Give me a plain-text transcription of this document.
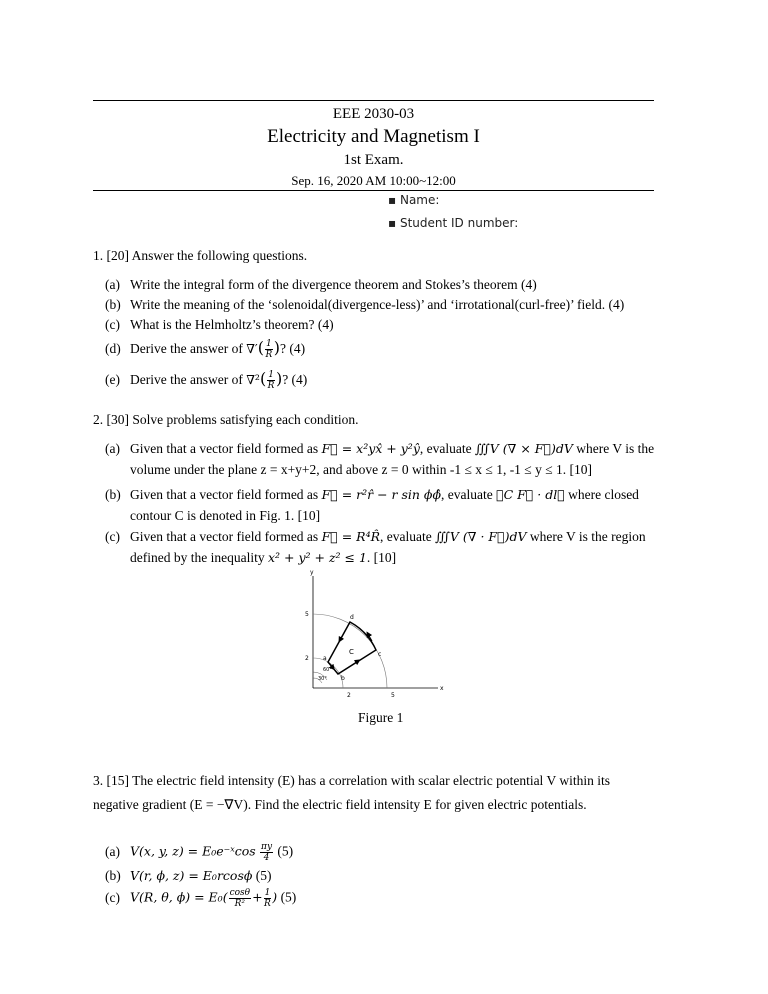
EEE 2030-03
Electricity and Magnetism I
1st Exam.
Sep. 16, 2020 AM 10:00~12:00
▪ Name:
▪ Student ID number:
1. [20] Answer the following questions.
(a) Write the integral form of the divergence theorem and Stokes’s theorem (4)
(b) Write the meaning of the ‘solenoidal(divergence-less)’ and ‘irrotational(curl-free)’ field. (4)
(c) What is the Helmholtz’s theorem? (4)
(d) Derive the answer of ∇′( $\frac{1}{R}$ )? (4)
(e) Derive the answer of $\nabla^2( \frac{1}{R}$ )? (4)
2. [30] Solve problems satisfying each condition.
(a) Given that a vector field formed as F⃗ = x²yx̂ + y²ŷ, evaluate ∭V (∇ × F⃗)dV where V is the
volume under the plane z = x+y+2, and above z = 0 within -1 ≤ x ≤ 1, -1 ≤ y ≤ 1. [10]
(b) Given that a vector field formed as F⃗ = r²r̂ − r sin ϕϕ̂, evaluate ∮C F⃗ · dl⃗ where closed
contour C is denoted in Fig. 1. [10]
(c) Given that a vector field formed as F⃗ = R⁴R̂, evaluate ∭V (∇ · F⃗)dV where V is the region
defined by the inequality x² + y² + z² ≤ 1. [10]
y
x
5
2
2	5
a
b
c
d
C
60°
30°
Figure 1
3. [15] The electric field intensity (E) has a correlation with scalar electric potential V within its
negative gradient (E = −∇V). Find the electric field intensity E for given electric potentials.
(a) V(x, y, z) = E₀e⁻ˣcos $\frac{\pi y}{4} (5)$
(b) V(r, ϕ, z) = E₀rcosϕ (5)
(c) V(R, θ, $\phi) = E_0( \frac{\cos\theta}{\text{R²}} + \frac{1}{R}$ ) (5)
